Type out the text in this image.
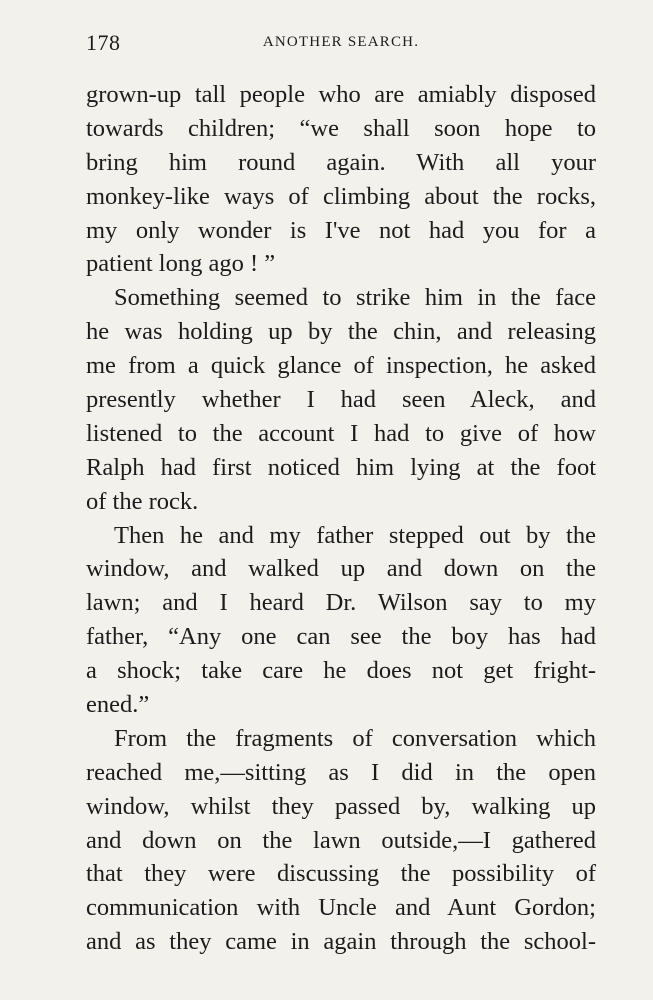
178	ANOTHER SEARCH.
grown-up tall people who are amiably disposed
towards children; “we shall soon hope to
bring him round again. With all your
monkey-like ways of climbing about the rocks,
my only wonder is I've not had you for a
patient long ago ! ”
Something seemed to strike him in the face
he was holding up by the chin, and releasing
me from a quick glance of inspection, he asked
presently whether I had seen Aleck, and
listened to the account I had to give of how
Ralph had first noticed him lying at the foot
of the rock.
Then he and my father stepped out by the
window, and walked up and down on the
lawn; and I heard Dr. Wilson say to my
father, “Any one can see the boy has had
a shock; take care he does not get fright-
ened.”
From the fragments of conversation which
reached me,—sitting as I did in the open
window, whilst they passed by, walking up
and down on the lawn outside,—I gathered
that they were discussing the possibility of
communication with Uncle and Aunt Gordon;
and as they came in again through the school-
